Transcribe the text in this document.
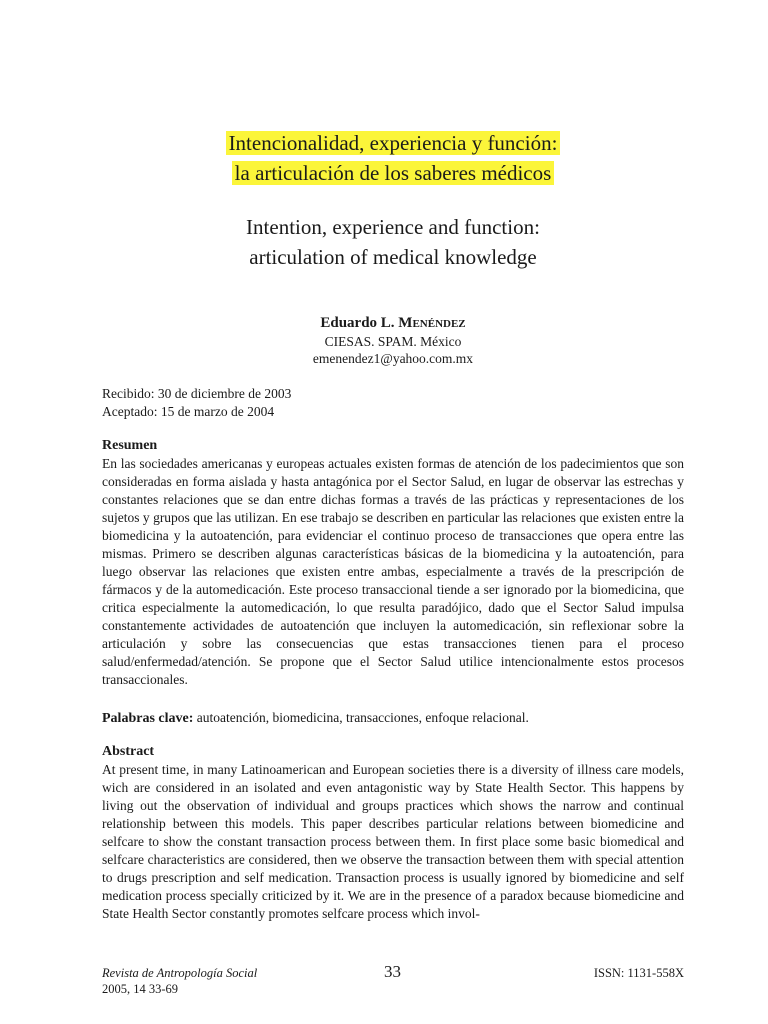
Intencionalidad, experiencia y función:
la articulación de los saberes médicos
Intention, experience and function:
articulation of medical knowledge
Eduardo L. Menéndez
CIESAS. SPAM. México
emenendez1@yahoo.com.mx
Recibido: 30 de diciembre de 2003
Aceptado: 15 de marzo de 2004
Resumen

En las sociedades americanas y europeas actuales existen formas de atención de los padecimientos que son consideradas en forma aislada y hasta antagónica por el Sector Salud, en lugar de observar las estrechas y constantes relaciones que se dan entre dichas formas a través de las prácticas y representaciones de los sujetos y grupos que las utilizan. En ese trabajo se describen en particular las relaciones que existen entre la biomedicina y la autoatención, para evidenciar el continuo proceso de transacciones que opera entre las mismas. Primero se describen algunas características básicas de la biomedicina y la autoatención, para luego observar las relaciones que existen entre ambas, especialmente a través de la prescripción de fármacos y de la automedicación. Este proceso transaccional tiende a ser ignorado por la biomedicina, que critica especialmente la automedicación, lo que resulta paradójico, dado que el Sector Salud impulsa constantemente actividades de autoatención que incluyen la automedicación, sin reflexionar sobre la articulación y sobre las consecuencias que estas transacciones tienen para el proceso salud/enfermedad/atención. Se propone que el Sector Salud utilice intencionalmente estos procesos transaccionales.

Palabras clave: autoatención, biomedicina, transacciones, enfoque relacional.
Abstract

At present time, in many Latinoamerican and European societies there is a diversity of illness care models, wich are considered in an isolated and even antagonistic way by State Health Sector. This happens by living out the observation of individual and groups practices which shows the narrow and continual relationship between this models. This paper describes particular relations between biomedicine and selfcare to show the constant transaction process between them. In first place some basic biomedical and selfcare characteristics are considered, then we observe the transaction between them with special attention to drugs prescription and self medication. Transaction process is usually ignored by biomedicine and self medication process specially criticized by it. We are in the presence of a paradox because biomedicine and State Health Sector constantly promotes selfcare process which invol-

Revista de Antropología Social
2005, 14 33-69
33	ISSN: 1131-558X
